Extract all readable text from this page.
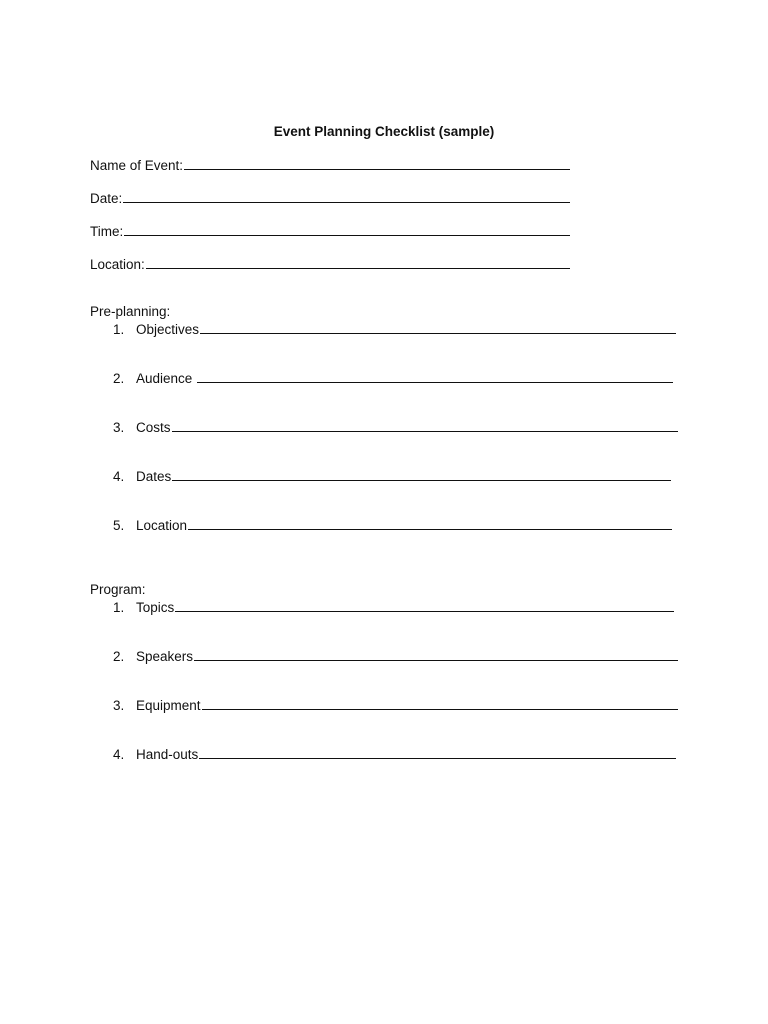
Event Planning Checklist (sample)
Name of Event:
Date:
Time:
Location:
Pre-planning:
1. Objectives
2. Audience
3. Costs
4. Dates
5. Location
Program:
1. Topics
2. Speakers
3. Equipment
4. Hand-outs
